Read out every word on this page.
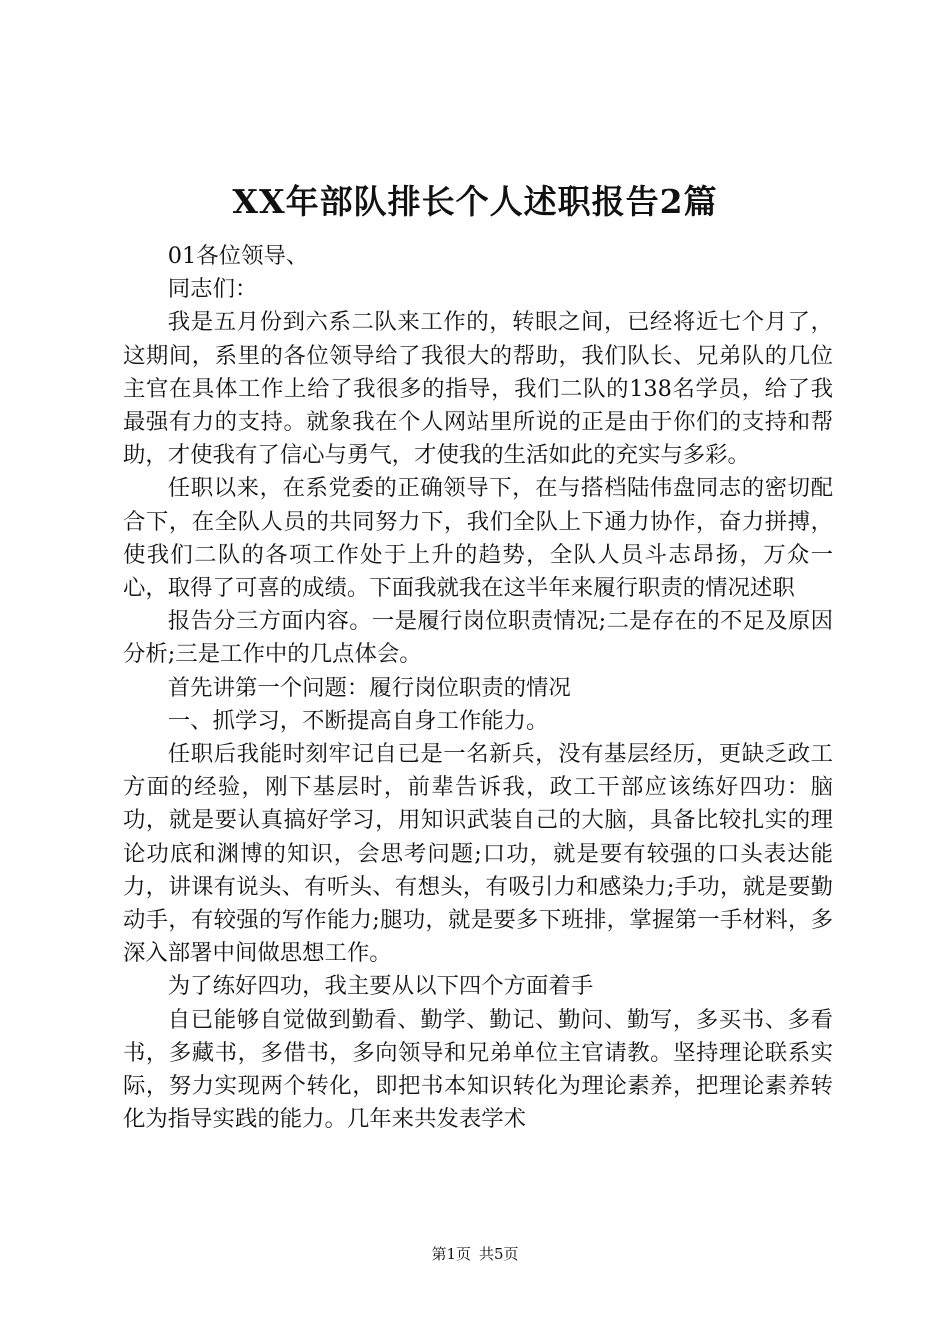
XX年部队排长个人述职报告2篇

01各位领导、

同志们：

我是五月份到六系二队来工作的，转眼之间，已经将近七个月了，这期间，系里的各位领导给了我很大的帮助，我们队长、兄弟队的几位主官在具体工作上给了我很多的指导，我们二队的138名学员，给了我最强有力的支持。就象我在个人网站里所说的正是由于你们的支持和帮助，才使我有了信心与勇气，才使我的生活如此的充实与多彩。

任职以来，在系党委的正确领导下，在与搭档陆伟盘同志的密切配合下，在全队人员的共同努力下，我们全队上下通力协作，奋力拼搏，使我们二队的各项工作处于上升的趋势，全队人员斗志昂扬，万众一心，取得了可喜的成绩。下面我就我在这半年来履行职责的情况述职

报告分三方面内容。一是履行岗位职责情况;二是存在的不足及原因分析;三是工作中的几点体会。

首先讲第一个问题：履行岗位职责的情况

一、抓学习，不断提高自身工作能力。

任职后我能时刻牢记自已是一名新兵，没有基层经历，更缺乏政工方面的经验，刚下基层时，前辈告诉我，政工干部应该练好四功：脑功，就是要认真搞好学习，用知识武装自己的大脑，具备比较扎实的理论功底和渊博的知识，会思考问题;口功，就是要有较强的口头表达能力，讲课有说头、有听头、有想头，有吸引力和感染力;手功，就是要勤动手，有较强的写作能力;腿功，就是要多下班排，掌握第一手材料，多深入部署中间做思想工作。

为了练好四功，我主要从以下四个方面着手

自已能够自觉做到勤看、勤学、勤记、勤问、勤写，多买书、多看书，多藏书，多借书，多向领导和兄弟单位主官请教。坚持理论联系实际，努力实现两个转化，即把书本知识转化为理论素养，把理论素养转化为指导实践的能力。几年来共发表学术

第1页 共5页
